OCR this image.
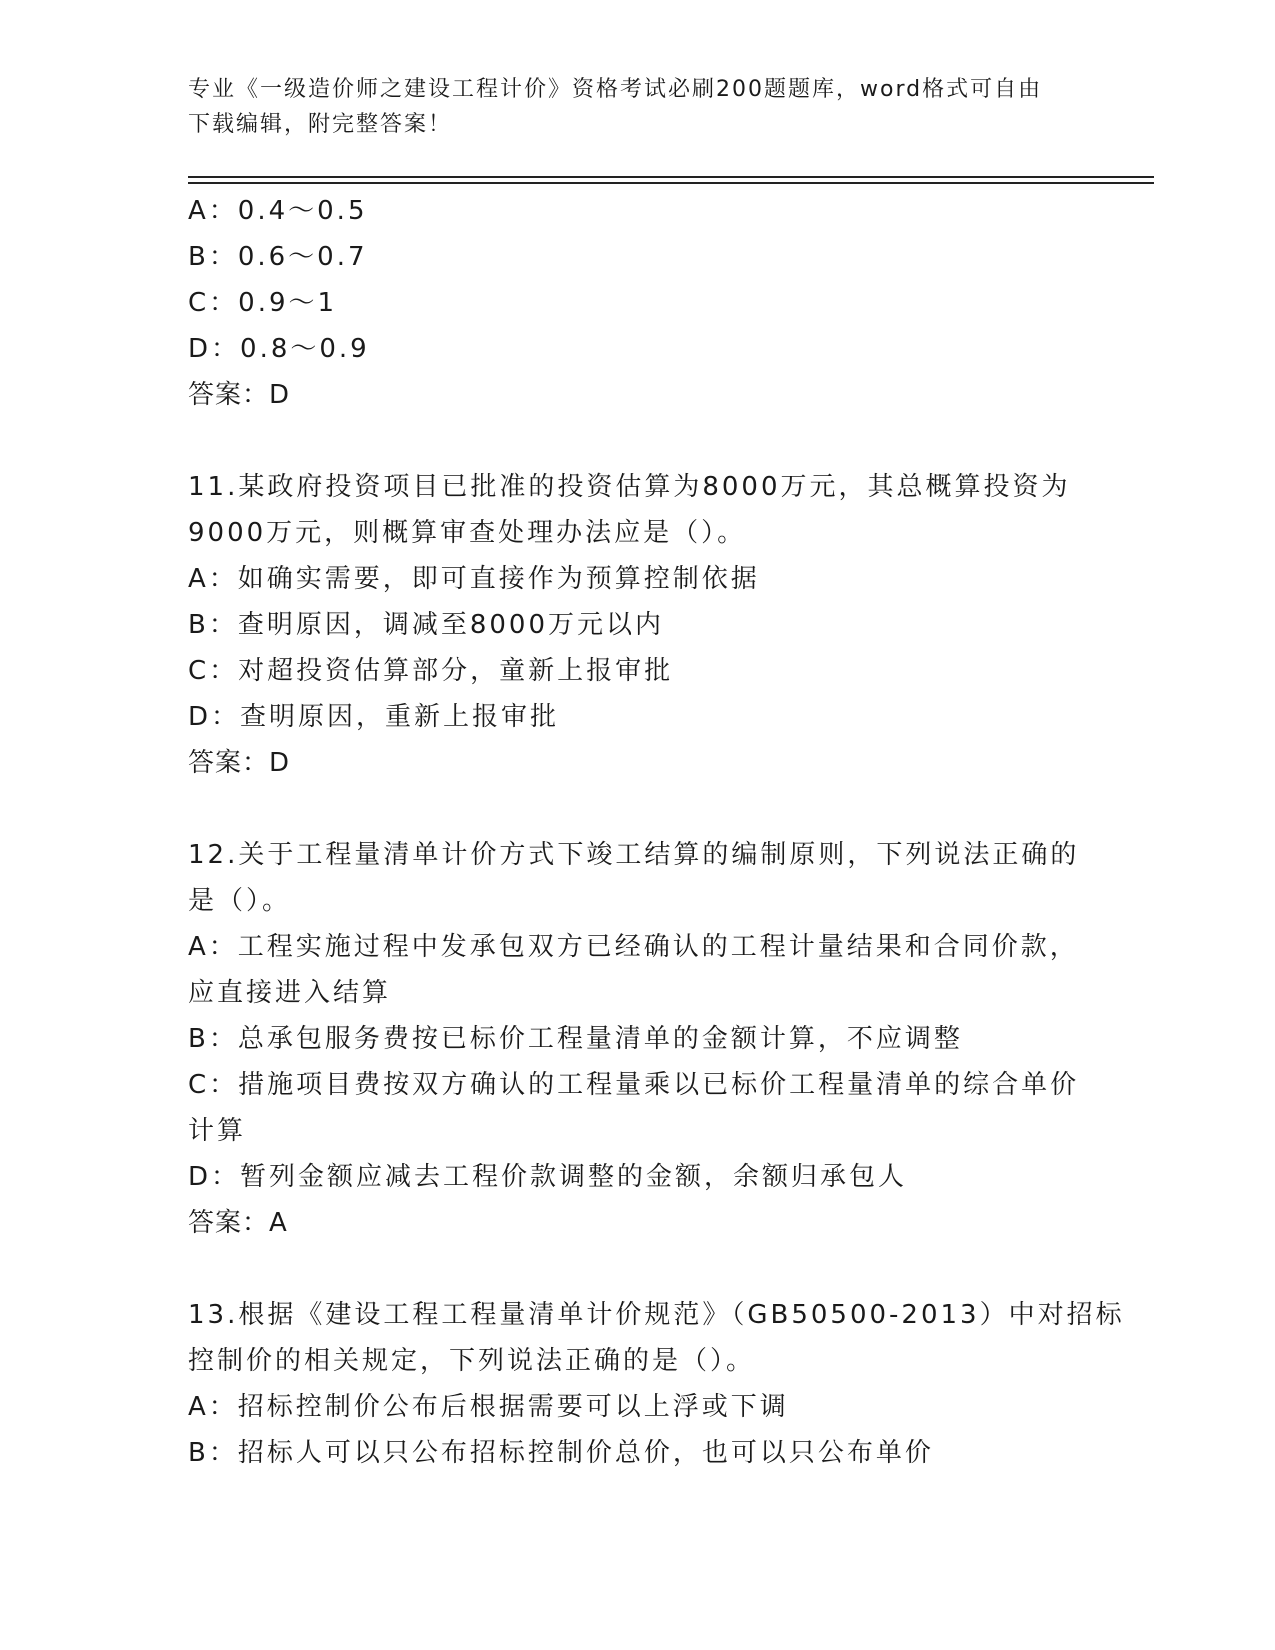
专业《一级造价师之建设工程计价》资格考试必刷200题题库，word格式可自由
下载编辑，附完整答案！
A：0.4～0.5
B：0.6～0.7
C：0.9～1
D：0.8～0.9
答案：D
11.某政府投资项目已批准的投资估算为8000万元，其总概算投资为
9000万元，则概算审查处理办法应是（）。
A：如确实需要，即可直接作为预算控制依据
B：查明原因，调减至8000万元以内
C：对超投资估算部分，童新上报审批
D：查明原因，重新上报审批
答案：D
12.关于工程量清单计价方式下竣工结算的编制原则，下列说法正确的
是（）。
A：工程实施过程中发承包双方已经确认的工程计量结果和合同价款，
应直接进入结算
B：总承包服务费按已标价工程量清单的金额计算，不应调整
C：措施项目费按双方确认的工程量乘以已标价工程量清单的综合单价
计算
D：暂列金额应减去工程价款调整的金额，余额归承包人
答案：A
13.根据《建设工程工程量清单计价规范》（GB50500-2013）中对招标
控制价的相关规定，下列说法正确的是（）。
A：招标控制价公布后根据需要可以上浮或下调
B：招标人可以只公布招标控制价总价，也可以只公布单价
